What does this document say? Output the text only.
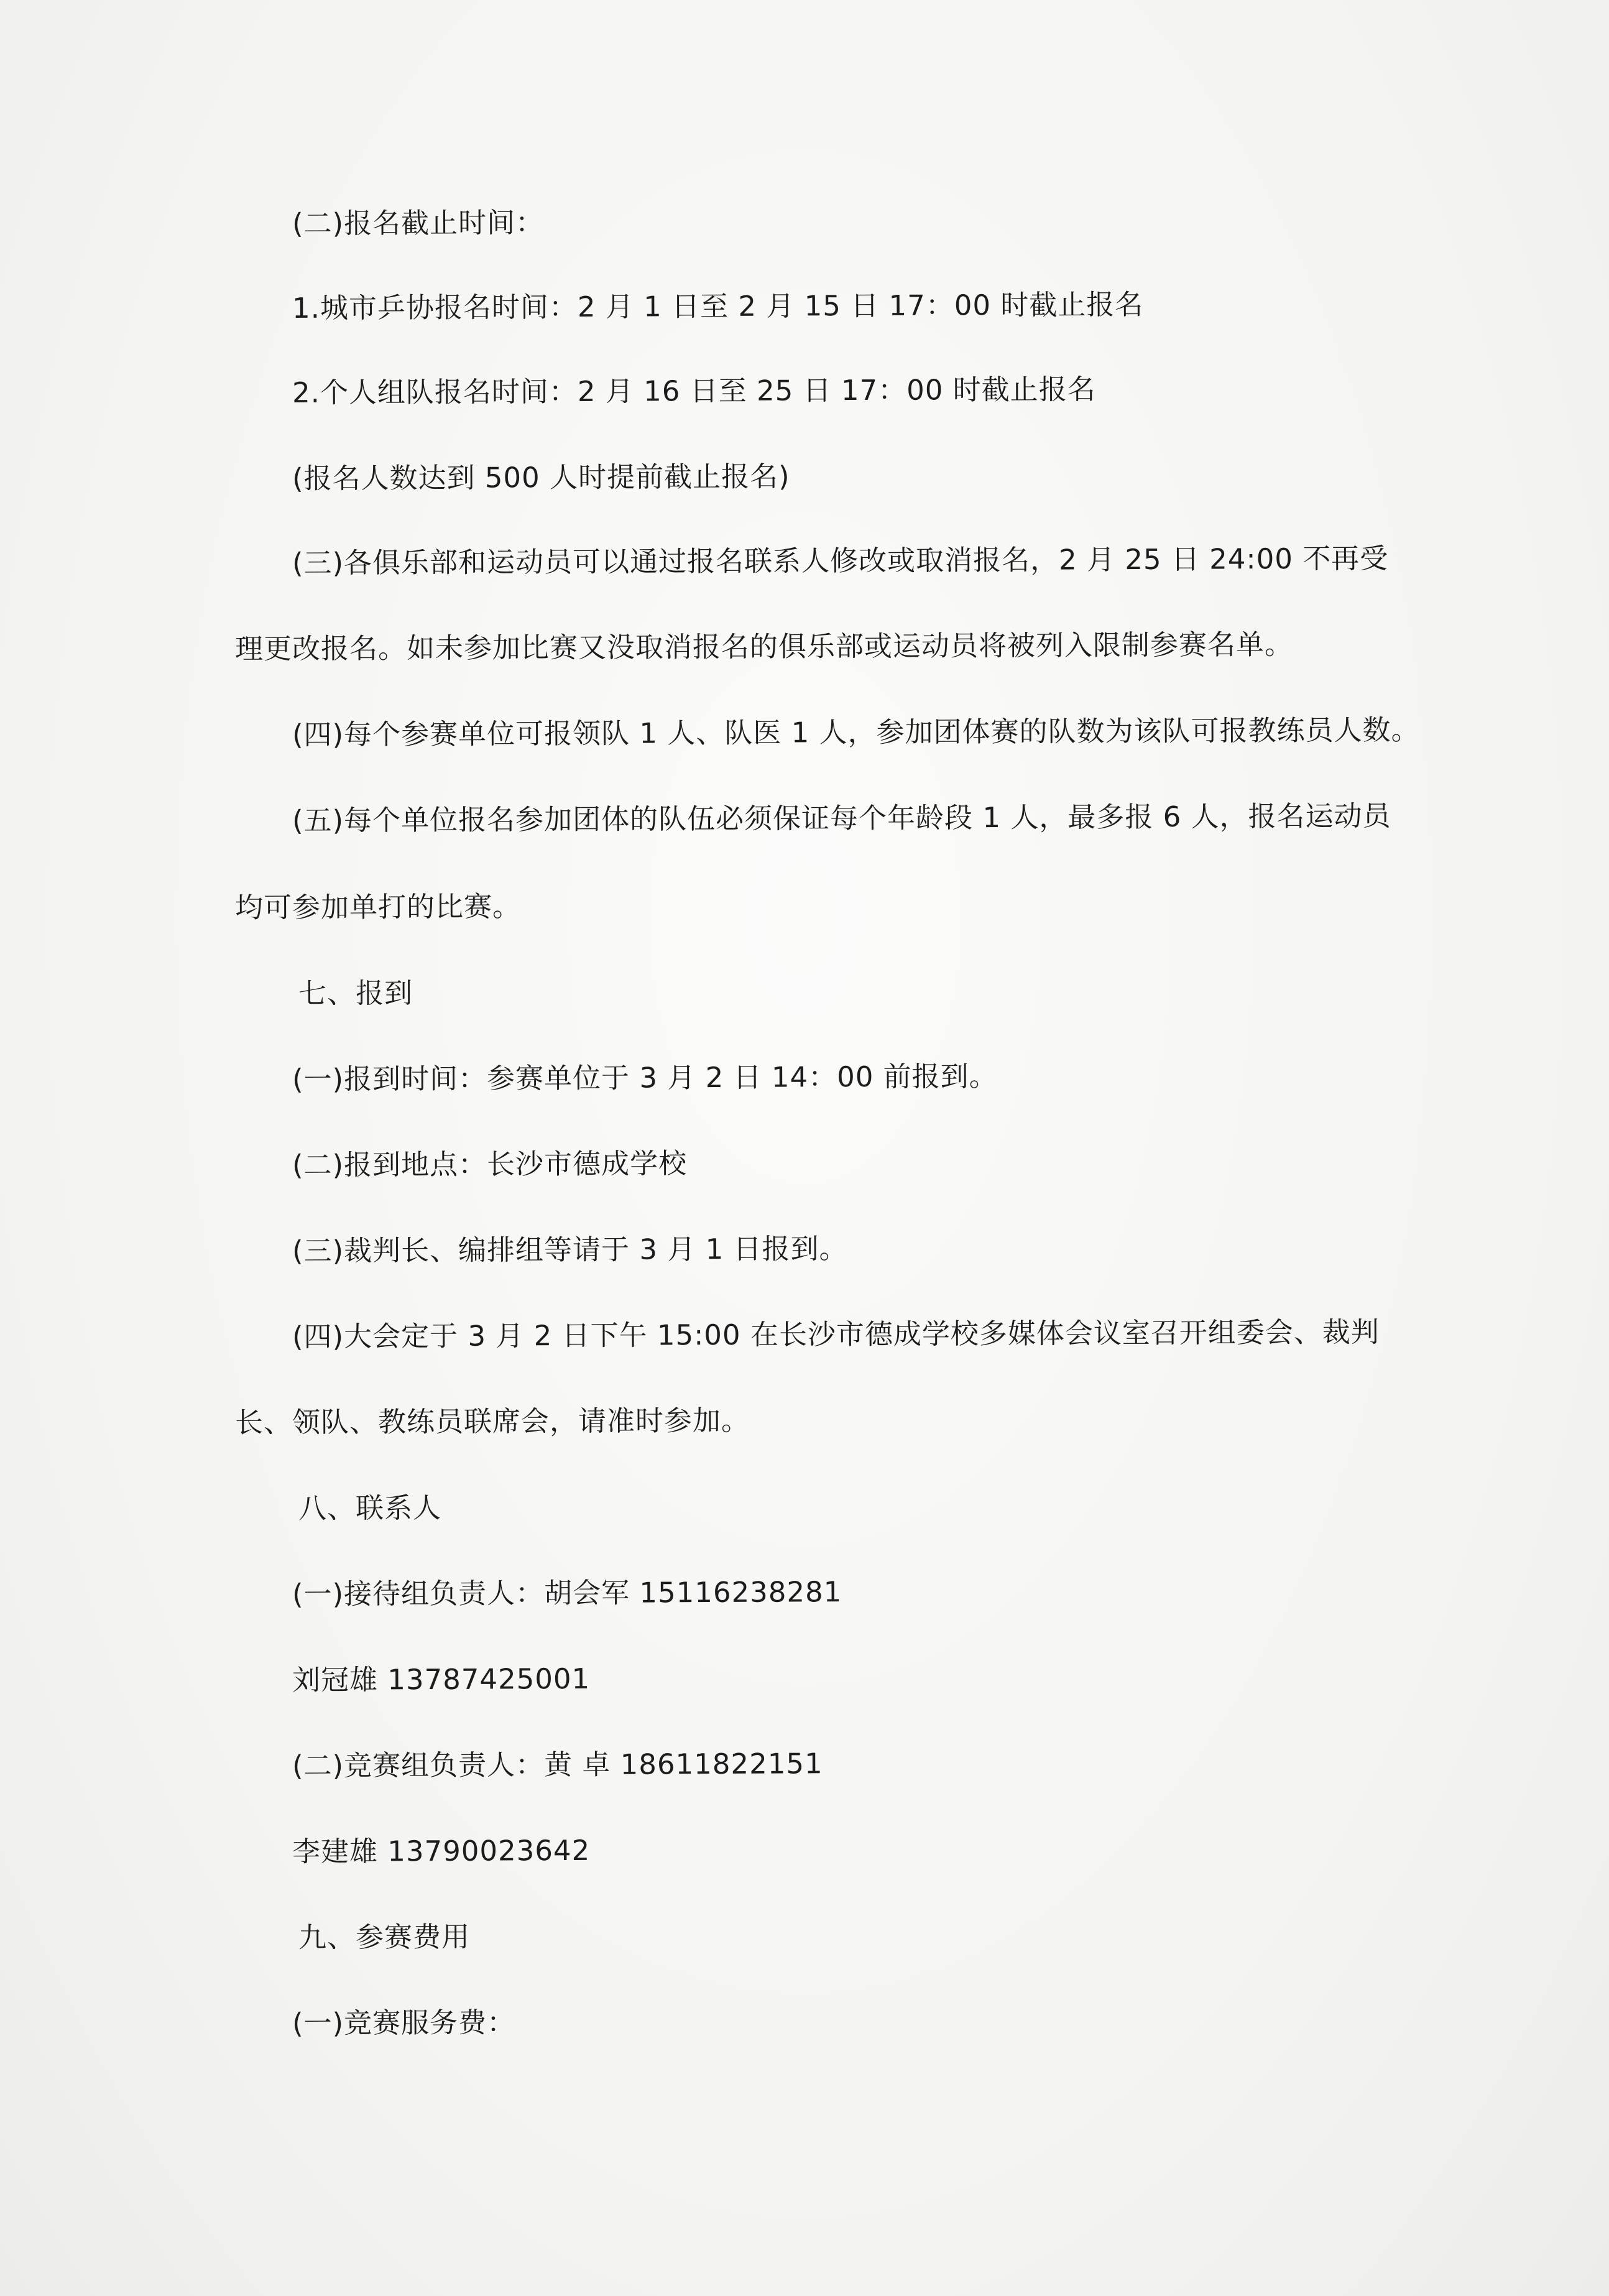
(二)报名截止时间：
1.城市乒协报名时间：2 月 1 日至 2 月 15 日 17：00 时截止报名
2.个人组队报名时间：2 月 16 日至 25 日 17：00 时截止报名
(报名人数达到 500 人时提前截止报名)
(三)各俱乐部和运动员可以通过报名联系人修改或取消报名，2 月 25 日 24:00 不再受
理更改报名。如未参加比赛又没取消报名的俱乐部或运动员将被列入限制参赛名单。
(四)每个参赛单位可报领队 1 人、队医 1 人，参加团体赛的队数为该队可报教练员人数。
(五)每个单位报名参加团体的队伍必须保证每个年龄段 1 人，最多报 6 人，报名运动员
均可参加单打的比赛。
七、报到
(一)报到时间：参赛单位于 3 月 2 日 14：00 前报到。
(二)报到地点：长沙市德成学校
(三)裁判长、编排组等请于 3 月 1 日报到。
(四)大会定于 3 月 2 日下午 15:00 在长沙市德成学校多媒体会议室召开组委会、裁判
长、领队、教练员联席会，请准时参加。
八、联系人
(一)接待组负责人：胡会军 15116238281
刘冠雄 13787425001
(二)竞赛组负责人：黄 卓 18611822151
李建雄 13790023642
九、参赛费用
(一)竞赛服务费：
